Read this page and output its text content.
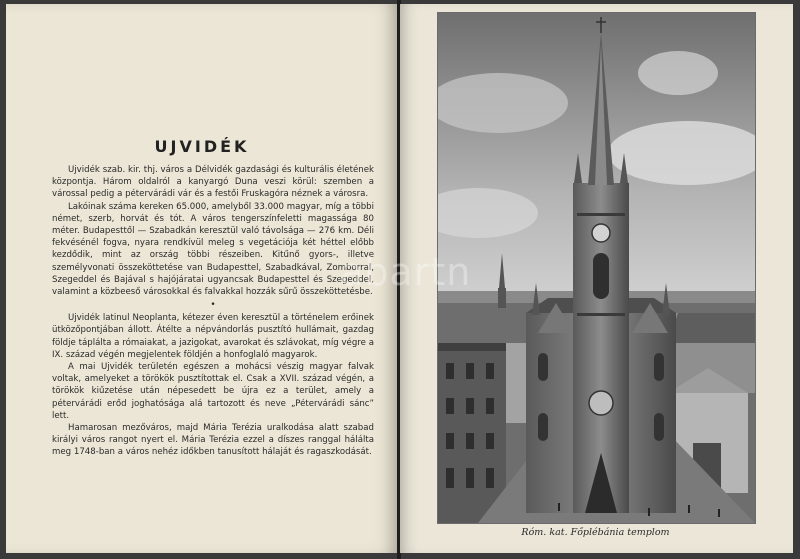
UJVIDÉK

Ujvidék szab. kir. thj. város a Délvidék gazdasági és kulturális életének központja. Három oldalról a kanyargó Duna veszi körül: szemben a várossal pedig a pétervárádi vár és a festői Fruskagóra néznek a városra.

Lakóinak száma kereken 65.000, amelyből 33.000 magyar, míg a többi német, szerb, horvát és tót. A város tengerszínfeletti magassága 80 méter. Budapesttől — Szabadkán keresztül való távolsága — 276 km. Déli fekvésénél fogva, nyara rendkívül meleg s vegetációja két héttel előbb kezdődik, mint az ország többi részeiben. Kitűnő gyors-, illetve személyvonati összeköttetése van Budapesttel, Szabadkával, Zomborral, Szegeddel és Bajával s hajójáratai ugyancsak Budapesttel és Szegeddel, valamint a közbeeső városokkal és falvakkal hozzák sűrű összeköttetésbe.

•

Ujvidék latinul Neoplanta, kétezer éven keresztül a történelem erőinek ütközőpontjában állott. Átélte a népvándorlás pusztító hullámait, gazdag földje táplálta a rómaiakat, a jazigokat, avarokat és szlávokat, míg végre a IX. század végén megjelentek földjén a honfoglaló magyarok.

A mai Ujvidék területén egészen a mohácsi vészig magyar falvak voltak, amelyeket a törökök pusztítottak el. Csak a XVII. század végén, a törökök kiűzetése után népesedett be újra ez a terület, amely a pétervárádi erőd joghatósága alá tartozott és neve „Pétervárádi sánc” lett.

Hamarosan mezőváros, majd Mária Terézia uralkodása alatt szabad királyi város rangot nyert el. Mária Terézia ezzel a díszes ranggal hálálta meg 1748-ban a város nehéz időkben tanusított hálaját és ragaszkodását.

Róm. kat. Főplébánia templom
abartn
